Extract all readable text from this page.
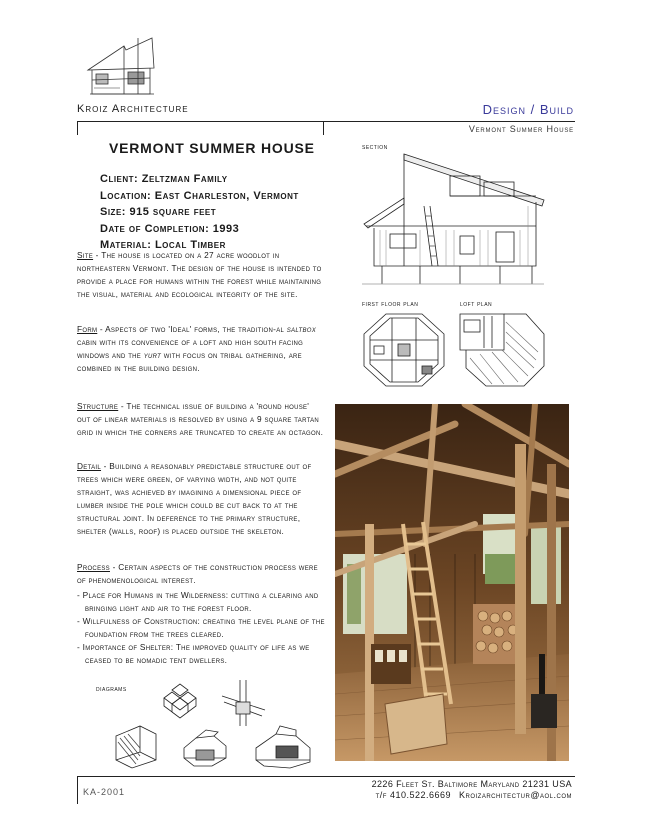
Kroiz Architecture	Design / Build
Vermont Summer House
VERMONT SUMMER HOUSE
Client: Zeltzman Family
Location: East Charleston, Vermont
Size: 915 square feet
Date of Completion: 1993
Material: Local Timber
Site - The house is located on a 27 acre woodlot in northeastern Vermont. The design of the house is intended to provide a place for humans within the forest while maintaining the visual, material and ecological integrity of the site.
Form - Aspects of two 'Ideal' forms, the tradition-al saltbox cabin with its convenience of a loft and high south facing windows and the yurt with focus on tribal gathering, are combined in the building design.
Structure - The technical issue of building a 'round house' out of linear materials is resolved by using a 9 square tartan grid in which the corners are truncated to create an octagon.
Detail - Building a reasonably predictable structure out of trees which were green, of varying width, and not quite straight, was achieved by imagining a dimensional piece of lumber inside the pole which could be cut back to at the structural joint. In deference to the primary structure, shelter (walls, roof) is placed outside the skeleton.
Process - Certain aspects of the construction process were of phenomenological interest.
- Place for Humans in the Wilderness: cutting a clearing and bringing light and air to the forest floor.
- Willfulness of Construction: creating the level plane of the foundation from the trees cleared.
- Importance of Shelter: The improved quality of life as we ceased to be nomadic tent dwellers.
diagrams
section
first floor plan	loft plan
KA-2001
2226 Fleet St. Baltimore Maryland 21231 USA
t/f 410.522.6669 Kroizarchitectur@aol.com
